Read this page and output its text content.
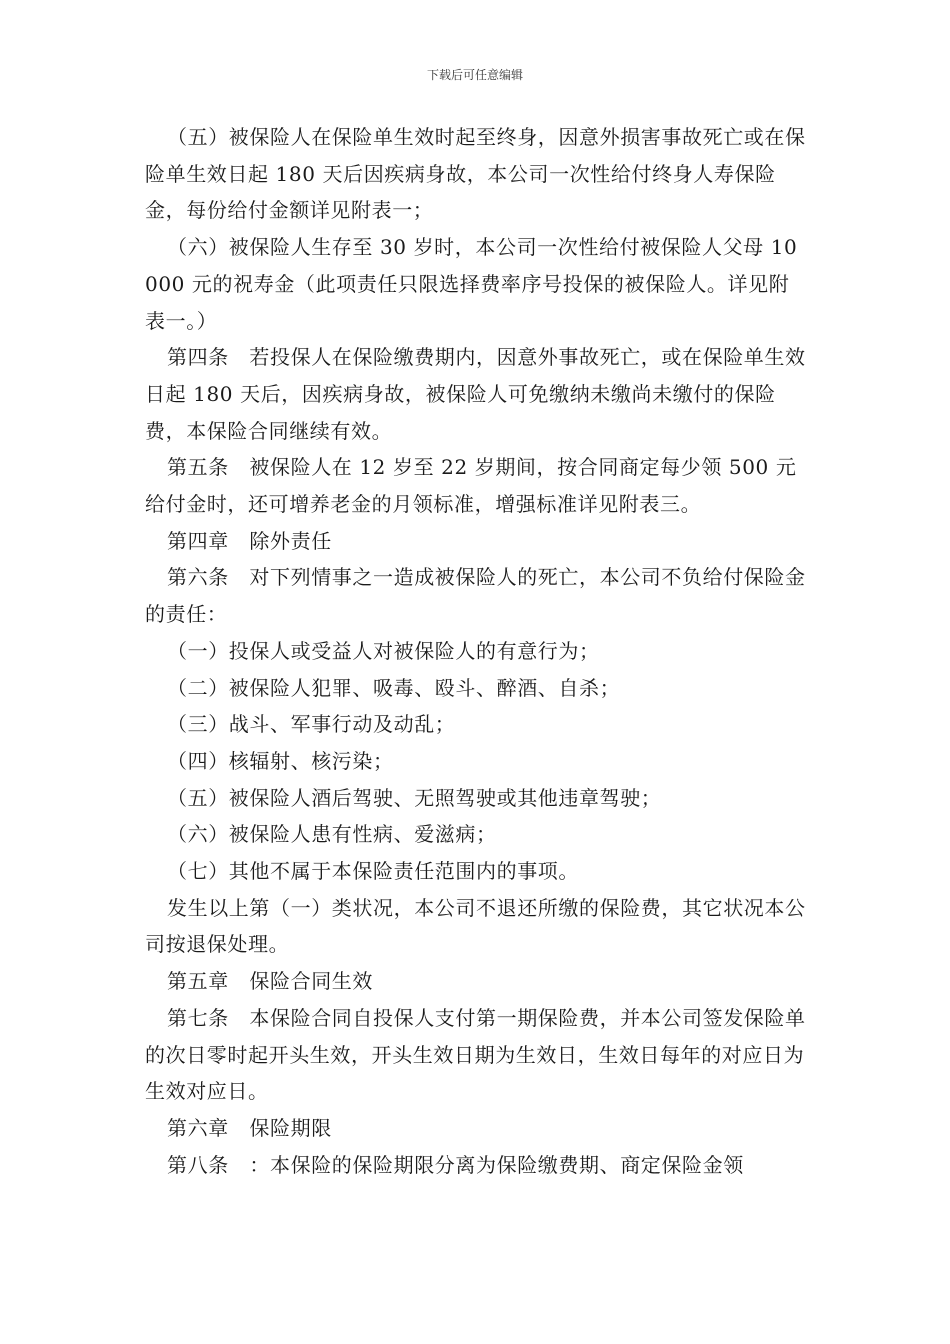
下载后可任意编辑

（五）被保险人在保险单生效时起至终身，因意外损害事故死亡或在保险单生效日起 180 天后因疾病身故，本公司一次性给付终身人寿保险金，每份给付金额详见附表一；

（六）被保险人生存至 30 岁时，本公司一次性给付被保险人父母 10000 元的祝寿金（此项责任只限选择费率序号投保的被保险人。详见附表一。）

第四条　若投保人在保险缴费期内，因意外事故死亡，或在保险单生效日起 180 天后，因疾病身故，被保险人可免缴纳未缴尚未缴付的保险费，本保险合同继续有效。

第五条　被保险人在 12 岁至 22 岁期间，按合同商定每少领 500 元给付金时，还可增养老金的月领标准，增强标准详见附表三。

第四章　除外责任

第六条　对下列情事之一造成被保险人的死亡，本公司不负给付保险金的责任：

（一）投保人或受益人对被保险人的有意行为；

（二）被保险人犯罪、吸毒、殴斗、醉酒、自杀；

（三）战斗、军事行动及动乱；

（四）核辐射、核污染；

（五）被保险人酒后驾驶、无照驾驶或其他违章驾驶；

（六）被保险人患有性病、爱滋病；

（七）其他不属于本保险责任范围内的事项。

发生以上第（一）类状况，本公司不退还所缴的保险费，其它状况本公司按退保处理。

第五章　保险合同生效

第七条　本保险合同自投保人支付第一期保险费，并本公司签发保险单的次日零时起开头生效，开头生效日期为生效日，生效日每年的对应日为生效对应日。

第六章　保险期限

第八条　：本保险的保险期限分离为保险缴费期、商定保险金领
